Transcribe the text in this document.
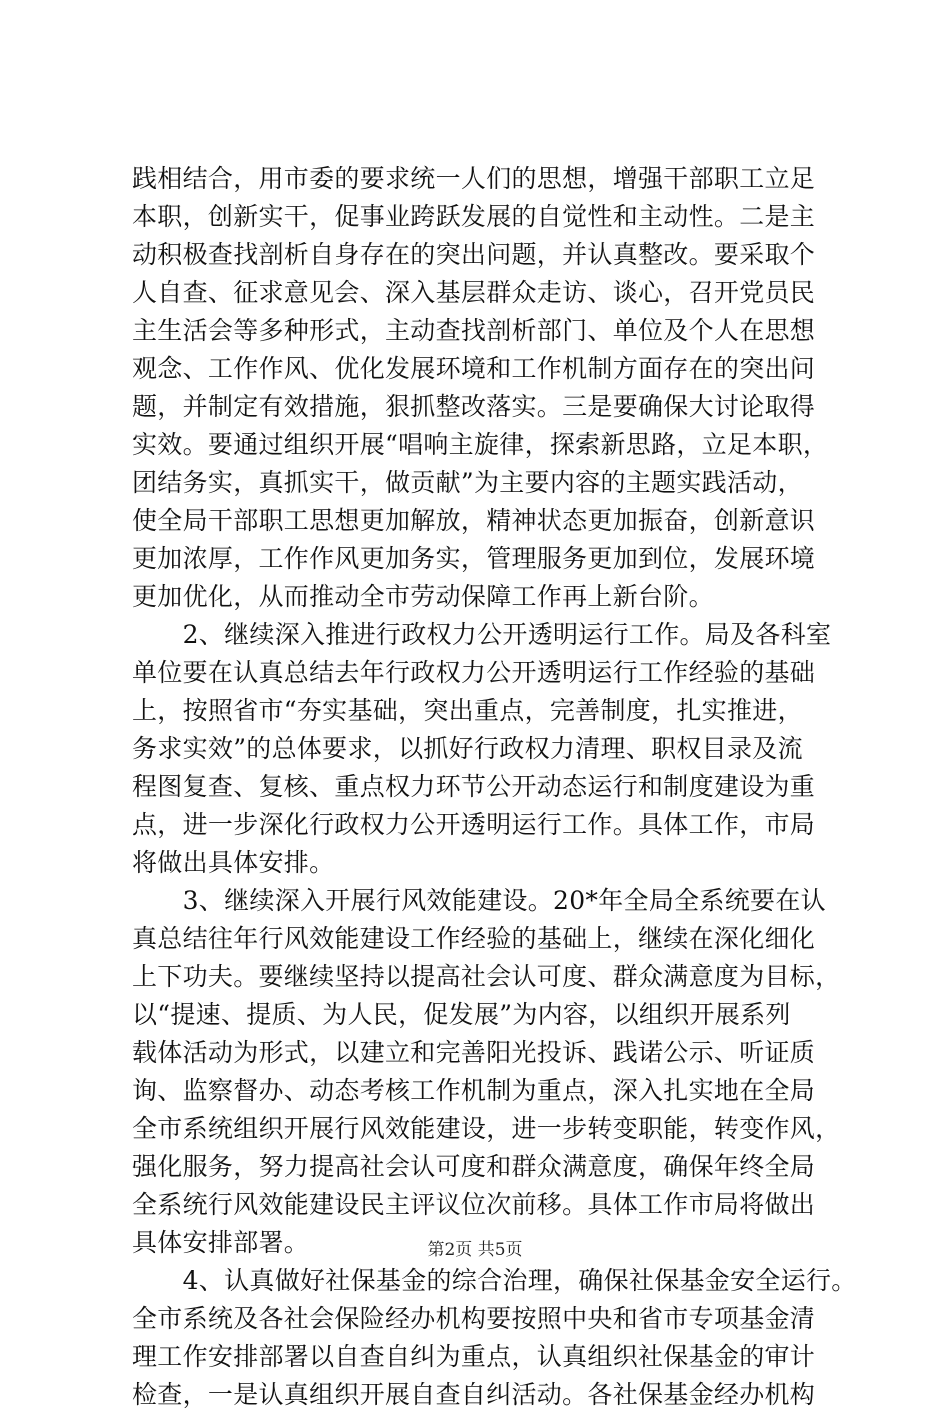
践相结合，用市委的要求统一人们的思想，增强干部职工立足
本职，创新实干，促事业跨跃发展的自觉性和主动性。二是主
动积极查找剖析自身存在的突出问题，并认真整改。要采取个
人自查、征求意见会、深入基层群众走访、谈心，召开党员民
主生活会等多种形式，主动查找剖析部门、单位及个人在思想
观念、工作作风、优化发展环境和工作机制方面存在的突出问
题，并制定有效措施，狠抓整改落实。三是要确保大讨论取得
实效。要通过组织开展“唱响主旋律，探索新思路，立足本职，
团结务实，真抓实干，做贡献”为主要内容的主题实践活动，
使全局干部职工思想更加解放，精神状态更加振奋，创新意识
更加浓厚，工作作风更加务实，管理服务更加到位，发展环境
更加优化，从而推动全市劳动保障工作再上新台阶。
　　2、继续深入推进行政权力公开透明运行工作。局及各科室
单位要在认真总结去年行政权力公开透明运行工作经验的基础
上，按照省市“夯实基础，突出重点，完善制度，扎实推进，
务求实效”的总体要求，以抓好行政权力清理、职权目录及流
程图复查、复核、重点权力环节公开动态运行和制度建设为重
点，进一步深化行政权力公开透明运行工作。具体工作，市局
将做出具体安排。
　　3、继续深入开展行风效能建设。20*年全局全系统要在认
真总结往年行风效能建设工作经验的基础上，继续在深化细化
上下功夫。要继续坚持以提高社会认可度、群众满意度为目标，
以“提速、提质、为人民，促发展”为内容，以组织开展系列
载体活动为形式，以建立和完善阳光投诉、践诺公示、听证质
询、监察督办、动态考核工作机制为重点，深入扎实地在全局
全市系统组织开展行风效能建设，进一步转变职能，转变作风，
强化服务，努力提高社会认可度和群众满意度，确保年终全局
全系统行风效能建设民主评议位次前移。具体工作市局将做出
具体安排部署。
　　4、认真做好社保基金的综合治理，确保社保基金安全运行。
全市系统及各社会保险经办机构要按照中央和省市专项基金清
理工作安排部署以自查自纠为重点，认真组织社保基金的审计
检查，一是认真组织开展自查自纠活动。各社保基金经办机构
第2页 共5页
